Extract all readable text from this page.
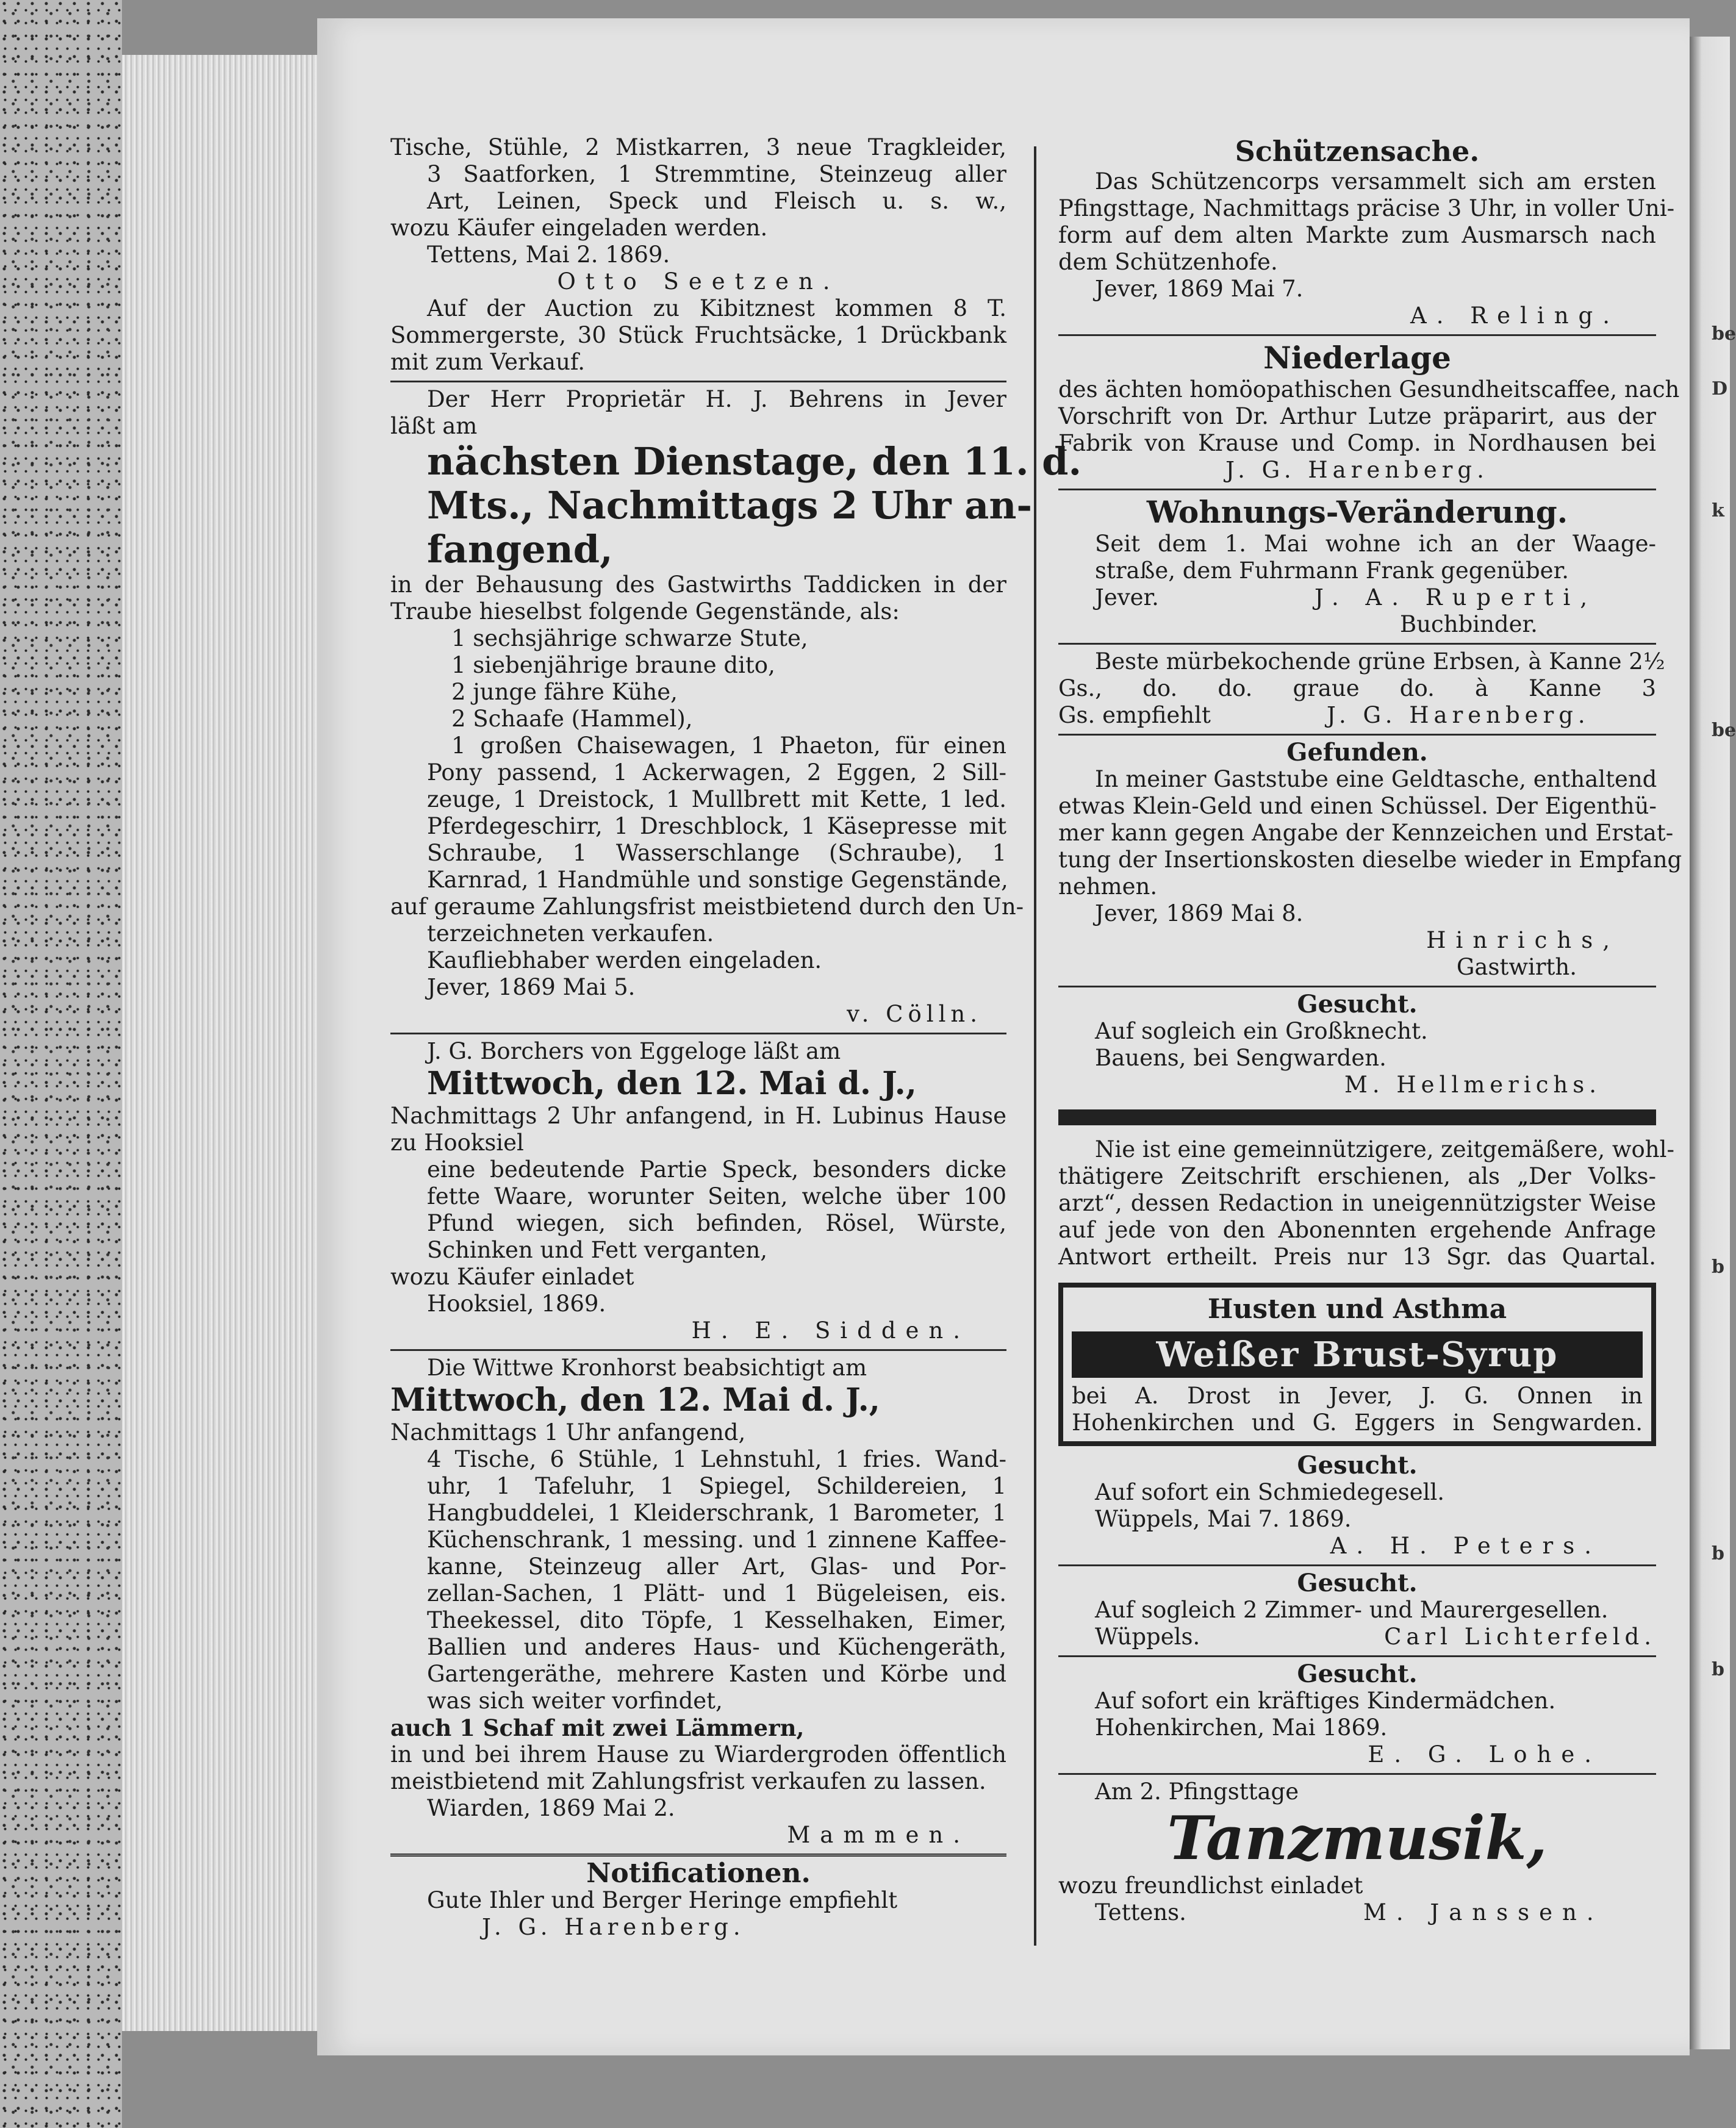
Tische, Stühle, 2 Mistkarren, 3 neue Tragkleider,
3 Saatforken, 1 Stremmtine, Steinzeug aller
Art, Leinen, Speck und Fleisch u. s. w.,
wozu Käufer eingeladen werden.
Tettens, Mai 2. 1869.
Otto Seetzen.
Auf der Auction zu Kibitznest kommen 8 T.
Sommergerste, 30 Stück Fruchtsäcke, 1 Drückbank
mit zum Verkauf.
Der Herr Proprietär H. J. Behrens in Jever
läßt am
nächsten Dienstage, den 11. d.
Mts., Nachmittags 2 Uhr an-
fangend,
in der Behausung des Gastwirths Taddicken in der
Traube hieselbst folgende Gegenstände, als:
1 sechsjährige schwarze Stute,
1 siebenjährige braune dito,
2 junge fähre Kühe,
2 Schaafe (Hammel),
1 großen Chaisewagen, 1 Phaeton, für einen
Pony passend, 1 Ackerwagen, 2 Eggen, 2 Sill-
zeuge, 1 Dreistock, 1 Mullbrett mit Kette, 1 led.
Pferdegeschirr, 1 Dreschblock, 1 Käsepresse mit
Schraube, 1 Wasserschlange (Schraube), 1
Karnrad, 1 Handmühle und sonstige Gegenstände,
auf geraume Zahlungsfrist meistbietend durch den Un-
terzeichneten verkaufen.
Kaufliebhaber werden eingeladen.
Jever, 1869 Mai 5.
v. Cölln.
J. G. Borchers von Eggeloge läßt am
Mittwoch, den 12. Mai d. J.,
Nachmittags 2 Uhr anfangend, in H. Lubinus Hause
zu Hooksiel
eine bedeutende Partie Speck, besonders dicke
fette Waare, worunter Seiten, welche über 100
Pfund wiegen, sich befinden, Rösel, Würste,
Schinken und Fett verganten,
wozu Käufer einladet
Hooksiel, 1869.
H. E. Sidden.
Die Wittwe Kronhorst beabsichtigt am
Mittwoch, den 12. Mai d. J.,
Nachmittags 1 Uhr anfangend,
4 Tische, 6 Stühle, 1 Lehnstuhl, 1 fries. Wand-
uhr, 1 Tafeluhr, 1 Spiegel, Schildereien, 1
Hangbuddelei, 1 Kleiderschrank, 1 Barometer, 1
Küchenschrank, 1 messing. und 1 zinnene Kaffee-
kanne, Steinzeug aller Art, Glas- und Por-
zellan-Sachen, 1 Plätt- und 1 Bügeleisen, eis.
Theekessel, dito Töpfe, 1 Kesselhaken, Eimer,
Ballien und anderes Haus- und Küchengeräth,
Gartengeräthe, mehrere Kasten und Körbe und
was sich weiter vorfindet,
auch 1 Schaf mit zwei Lämmern,
in und bei ihrem Hause zu Wiardergroden öffentlich
meistbietend mit Zahlungsfrist verkaufen zu lassen.
Wiarden, 1869 Mai 2.
Mammen.
Notificationen.
Gute Ihler und Berger Heringe empfiehlt
J. G. Harenberg.
Schützensache.
Das Schützencorps versammelt sich am ersten
Pfingsttage, Nachmittags präcise 3 Uhr, in voller Uni-
form auf dem alten Markte zum Ausmarsch nach
dem Schützenhofe.
Jever, 1869 Mai 7.
A. Reling.
Niederlage
des ächten homöopathischen Gesundheitscaffee, nach
Vorschrift von Dr. Arthur Lutze präparirt, aus der
Fabrik von Krause und Comp. in Nordhausen bei
J. G. Harenberg.
Wohnungs-Veränderung.
Seit dem 1. Mai wohne ich an der Waage-
straße, dem Fuhrmann Frank gegenüber.
Jever.	J. A. Ruperti,
Buchbinder.
Beste mürbekochende grüne Erbsen, à Kanne 2½
Gs., do. do. graue do. à Kanne 3
Gs. empfiehlt	J. G. Harenberg.
Gefunden.
In meiner Gaststube eine Geldtasche, enthaltend
etwas Klein-Geld und einen Schüssel. Der Eigenthü-
mer kann gegen Angabe der Kennzeichen und Erstat-
tung der Insertionskosten dieselbe wieder in Empfang
nehmen.
Jever, 1869 Mai 8.
Hinrichs,
Gastwirth.
Gesucht.
Auf sogleich ein Großknecht.
Bauens, bei Sengwarden.
M. Hellmerichs.
Nie ist eine gemeinnützigere, zeitgemäßere, wohl-
thätigere Zeitschrift erschienen, als „Der Volks-
arzt“, dessen Redaction in uneigennützigster Weise
auf jede von den Abonennten ergehende Anfrage
Antwort ertheilt. Preis nur 13 Sgr. das Quartal.
Husten und Asthma
Weißer Brust-Syrup
bei A. Drost in Jever, J. G. Onnen in
Hohenkirchen und G. Eggers in Sengwarden.
Gesucht.
Auf sofort ein Schmiedegesell.
Wüppels, Mai 7. 1869.
A. H. Peters.
Gesucht.
Auf sogleich 2 Zimmer- und Maurergesellen.
Wüppels.	Carl Lichterfeld.
Gesucht.
Auf sofort ein kräftiges Kindermädchen.
Hohenkirchen, Mai 1869.
E. G. Lohe.
Am 2. Pfingsttage
Tanzmusik,
wozu freundlichst einladet
Tettens.	M. Janssen.
be
D
k
be
b
b
b
